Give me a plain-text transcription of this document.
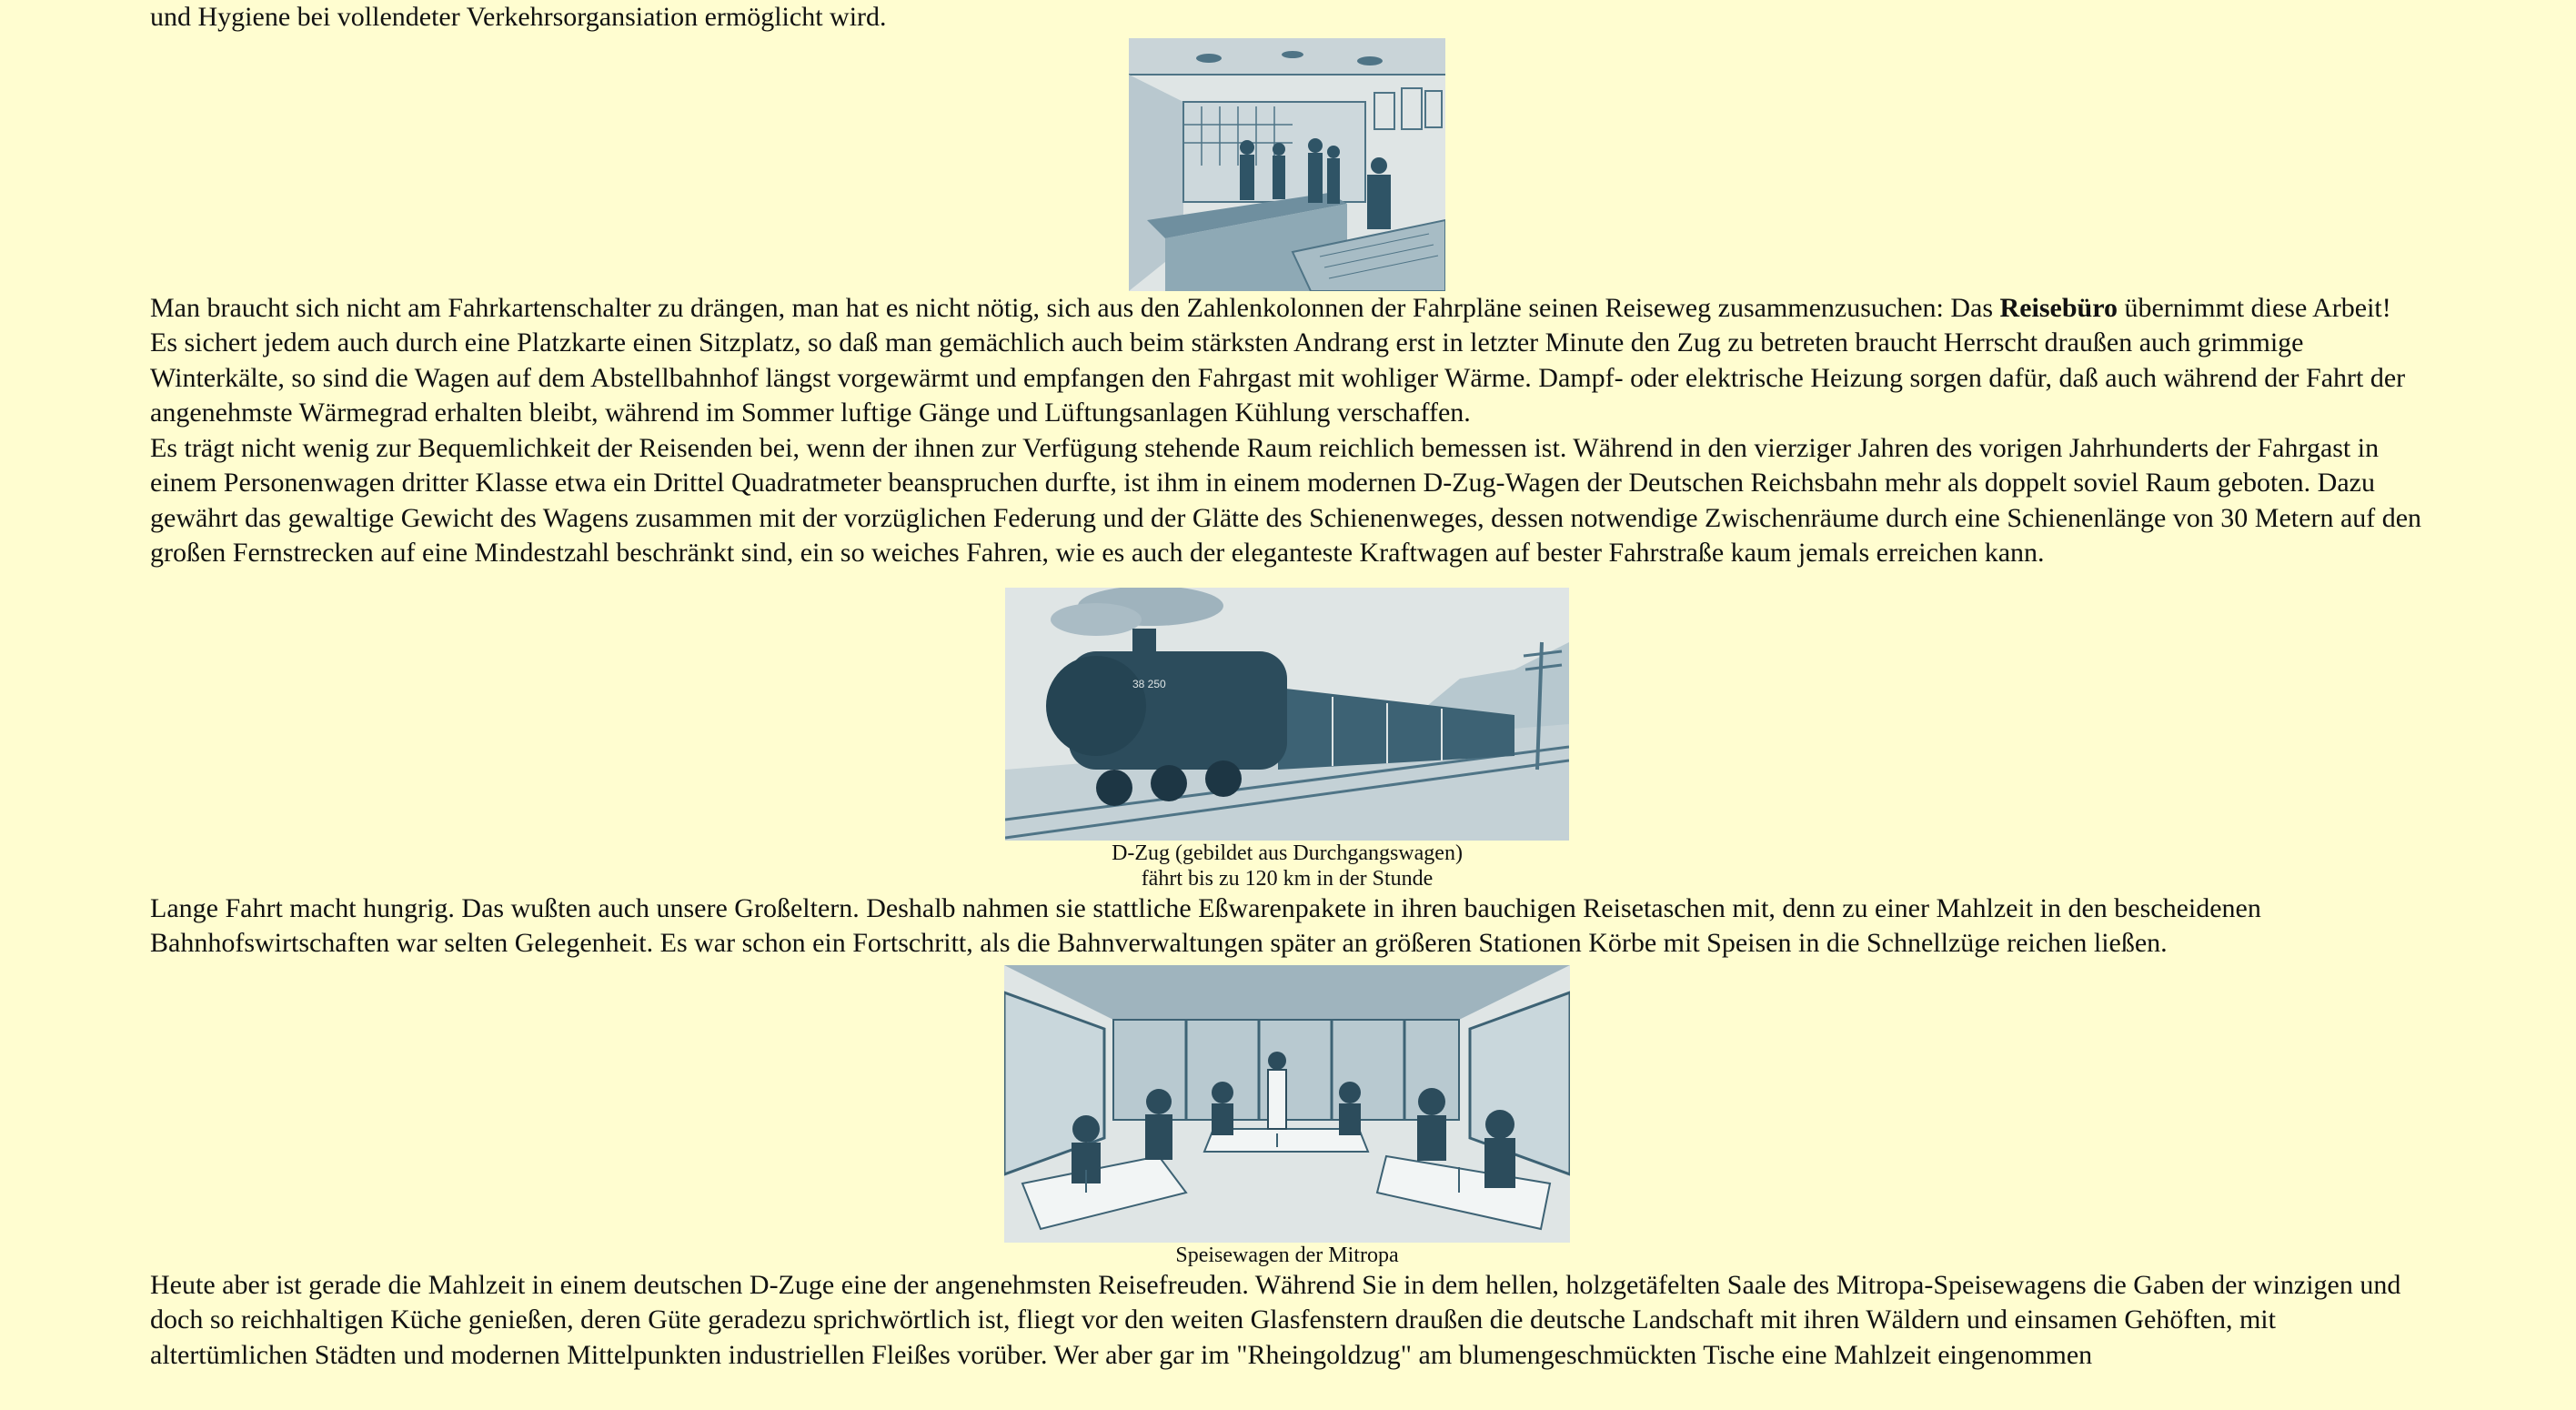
und Hygiene bei vollendeter Verkehrsorgansiation ermöglicht wird.

Man braucht sich nicht am Fahrkartenschalter zu drängen, man hat es nicht nötig, sich aus den Zahlenkolonnen der Fahrpläne seinen Reiseweg zusammenzusuchen: Das Reisebüro übernimmt diese Arbeit! Es sichert jedem auch durch eine Platzkarte einen Sitzplatz, so daß man gemächlich auch beim stärksten Andrang erst in letzter Minute den Zug zu betreten braucht Herrscht draußen auch grimmige Winterkälte, so sind die Wagen auf dem Abstellbahnhof längst vorgewärmt und empfangen den Fahrgast mit wohliger Wärme. Dampf- oder elektrische Heizung sorgen dafür, daß auch während der Fahrt der angenehmste Wärmegrad erhalten bleibt, während im Sommer luftige Gänge und Lüftungsanlagen Kühlung verschaffen.

Es trägt nicht wenig zur Bequemlichkeit der Reisenden bei, wenn der ihnen zur Verfügung stehende Raum reichlich bemessen ist. Während in den vierziger Jahren des vorigen Jahrhunderts der Fahrgast in einem Personenwagen dritter Klasse etwa ein Drittel Quadratmeter beanspruchen durfte, ist ihm in einem modernen D-Zug-Wagen der Deutschen Reichsbahn mehr als doppelt soviel Raum geboten. Dazu gewährt das gewaltige Gewicht des Wagens zusammen mit der vorzüglichen Federung und der Glätte des Schienenweges, dessen notwendige Zwischenräume durch eine Schienenlänge von 30 Metern auf den großen Fernstrecken auf eine Mindestzahl beschränkt sind, ein so weiches Fahren, wie es auch der eleganteste Kraftwagen auf bester Fahrstraße kaum jemals erreichen kann.

38 250

D-Zug (gebildet aus Durchgangswagen)

fährt bis zu 120 km in der Stunde

Lange Fahrt macht hungrig. Das wußten auch unsere Großeltern. Deshalb nahmen sie stattliche Eßwarenpakete in ihren bauchigen Reisetaschen mit, denn zu einer Mahlzeit in den bescheidenen Bahnhofswirtschaften war selten Gelegenheit. Es war schon ein Fortschritt, als die Bahnverwaltungen später an größeren Stationen Körbe mit Speisen in die Schnellzüge reichen ließen.

Speisewagen der Mitropa

Heute aber ist gerade die Mahlzeit in einem deutschen D-Zuge eine der angenehmsten Reisefreuden. Während Sie in dem hellen, holzgetäfelten Saale des Mitropa-Speisewagens die Gaben der winzigen und doch so reichhaltigen Küche genießen, deren Güte geradezu sprichwörtlich ist, fliegt vor den weiten Glasfenstern draußen die deutsche Landschaft mit ihren Wäldern und einsamen Gehöften, mit altertümlichen Städten und modernen Mittelpunkten industriellen Fleißes vorüber. Wer aber gar im "Rheingoldzug" am blumengeschmückten Tische eine Mahlzeit eingenommen
